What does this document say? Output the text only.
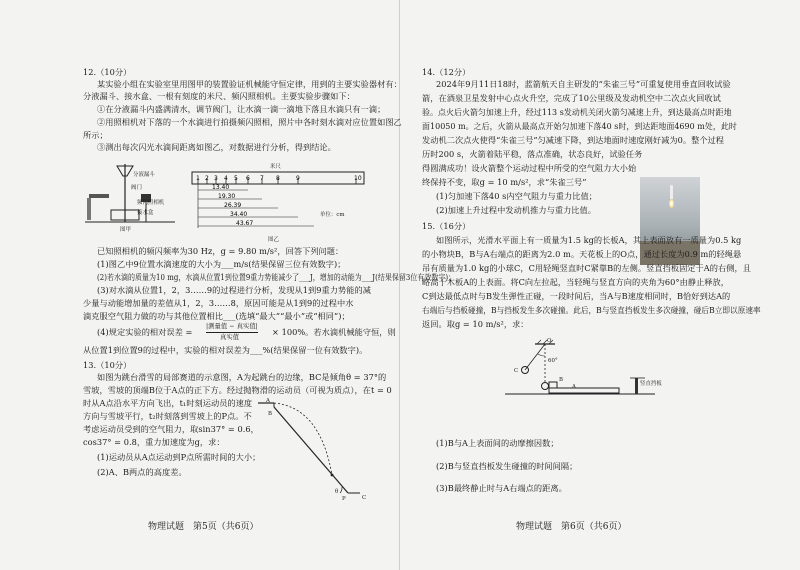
12.（10分）
某实验小组在实验室里用图甲的装置验证机械能守恒定律，用到的主要实验器材有：
分液漏斗、接水盒、一根有刻度的米尺、频闪照相机。主要实验步骤如下：
①在分液漏斗内盛满清水，调节阀门，让水滴一滴一滴地下落且水滴只有一滴；
②用照相机对下落的一个水滴进行拍摄频闪照相，照片中各时刻水滴对应位置如图乙
所示；
③测出每次闪光水滴间距离如图乙，对数据进行分析，得到结论。
分液漏斗
阀门
频闪照相机
接水盒
图甲
1 2 3 4 5 6 7 8	9	10
13.40
19.30
26.39
34.40
43.67
米尺
单位：cm
图乙
已知照相机的频闪频率为30 Hz，g = 9.80 m/s²，回答下列问题：
(1)图乙中9位置水滴速度的大小为___m/s(结果保留三位有效数字)；
(2)若水滴的质量为10 mg，水滴从位置1到位置9重力势能减少了___J，增加的动能为___J(结果保留3位有效数字)；
(3)对水滴从位置1，2，3……9的过程进行分析，发现从1到9重力势能的减
少量与动能增加量的差值从1，2，3……8，原因可能是从1到9的过程中水
滴克服空气阻力做的功与其他位置相比___(选填“最大”“最小”或“相同”)；
(4)规定实验的相对误差 =
|测量值 − 真实值|
真实值
× 100%。若水滴机械能守恒，则
从位置1到位置9的过程中，实验的相对误差为___%(结果保留一位有效数字)。
13.（10分）
如图为跳台滑雪的局部赛道的示意图，A为起跳台的边缘，BC是倾角θ = 37°的
雪坡，雪坡的顶端B位于A点的正下方。经过抛物滑的运动员（可视为质点），在t = 0
时从A点沿水平方向飞出，t₁时刻运动员的速度
方向与雪坡平行，t₂时刻落到雪坡上的P点。不
考虑运动员受到的空气阻力，取sin37° = 0.6，
cos37° = 0.8，重力加速度为g，求：
(1)运动员从A点运动到P点所需时间的大小；
(2)A、B两点的高度差。
A
B
P
θ
C
物理试题　第5页（共6页）
14.（12分）
2024年9月11日18时，蓝箭航天自主研发的“朱雀三号”可重复使用垂直回收试验
箭，在酒泉卫星发射中心点火升空，完成了10公里级及发动机空中二次点火回收试
验。点火后火箭匀加速上升，经过113 s发动机关闭火箭匀减速上升，到达最高点时距地
面10050 m。之后，火箭从最高点开始匀加速下落40 s时，到达距地面4690 m处，此时
发动机二次点火使得“朱雀三号”匀减速下降，到达地面时速度刚好减为0。整个过程
历时200 s，火箭着陆平稳，落点准确，状态良好，试验任务
得圆满成功！设火箭整个运动过程中所受的空气阻力大小始
终保持不变，取g = 10 m/s²，求“朱雀三号”
(1)匀加速下落40 s内空气阻力与重力比值；
(2)加速上升过程中发动机推力与重力比值。
15.（16分）
如图所示，光滑水平面上有一质量为1.5 kg的长板A，其上表面放有一质量为0.5 kg
的小物块B，B与A右端点的距离为2.0 m。天花板上的O点，通过长度为0.9 m的轻绳悬
吊有质量为1.0 kg的小球C，C用轻绳竖直时C紧靠B的左侧。竖直挡板固定于A的右侧，且
略高于木板A的上表面。将C向左拉起，当轻绳与竖直方向的夹角为60°由静止释放，
C到达最低点时与B发生弹性正碰，一段时间后，当A与B速度相同时，B恰好到达A的
右端后与挡板碰撞，B与挡板发生多次碰撞。此后，B与竖直挡板发生多次碰撞，碰后B立即以原速率
返回。取g = 10 m/s²，求：
O
C
60°
B
A	竖直挡板
(1)B与A上表面间的动摩擦因数；
(2)B与竖直挡板发生碰撞的时间间隔；
(3)B最终静止时与A右端点的距离。
物理试题　第6页（共6页）
